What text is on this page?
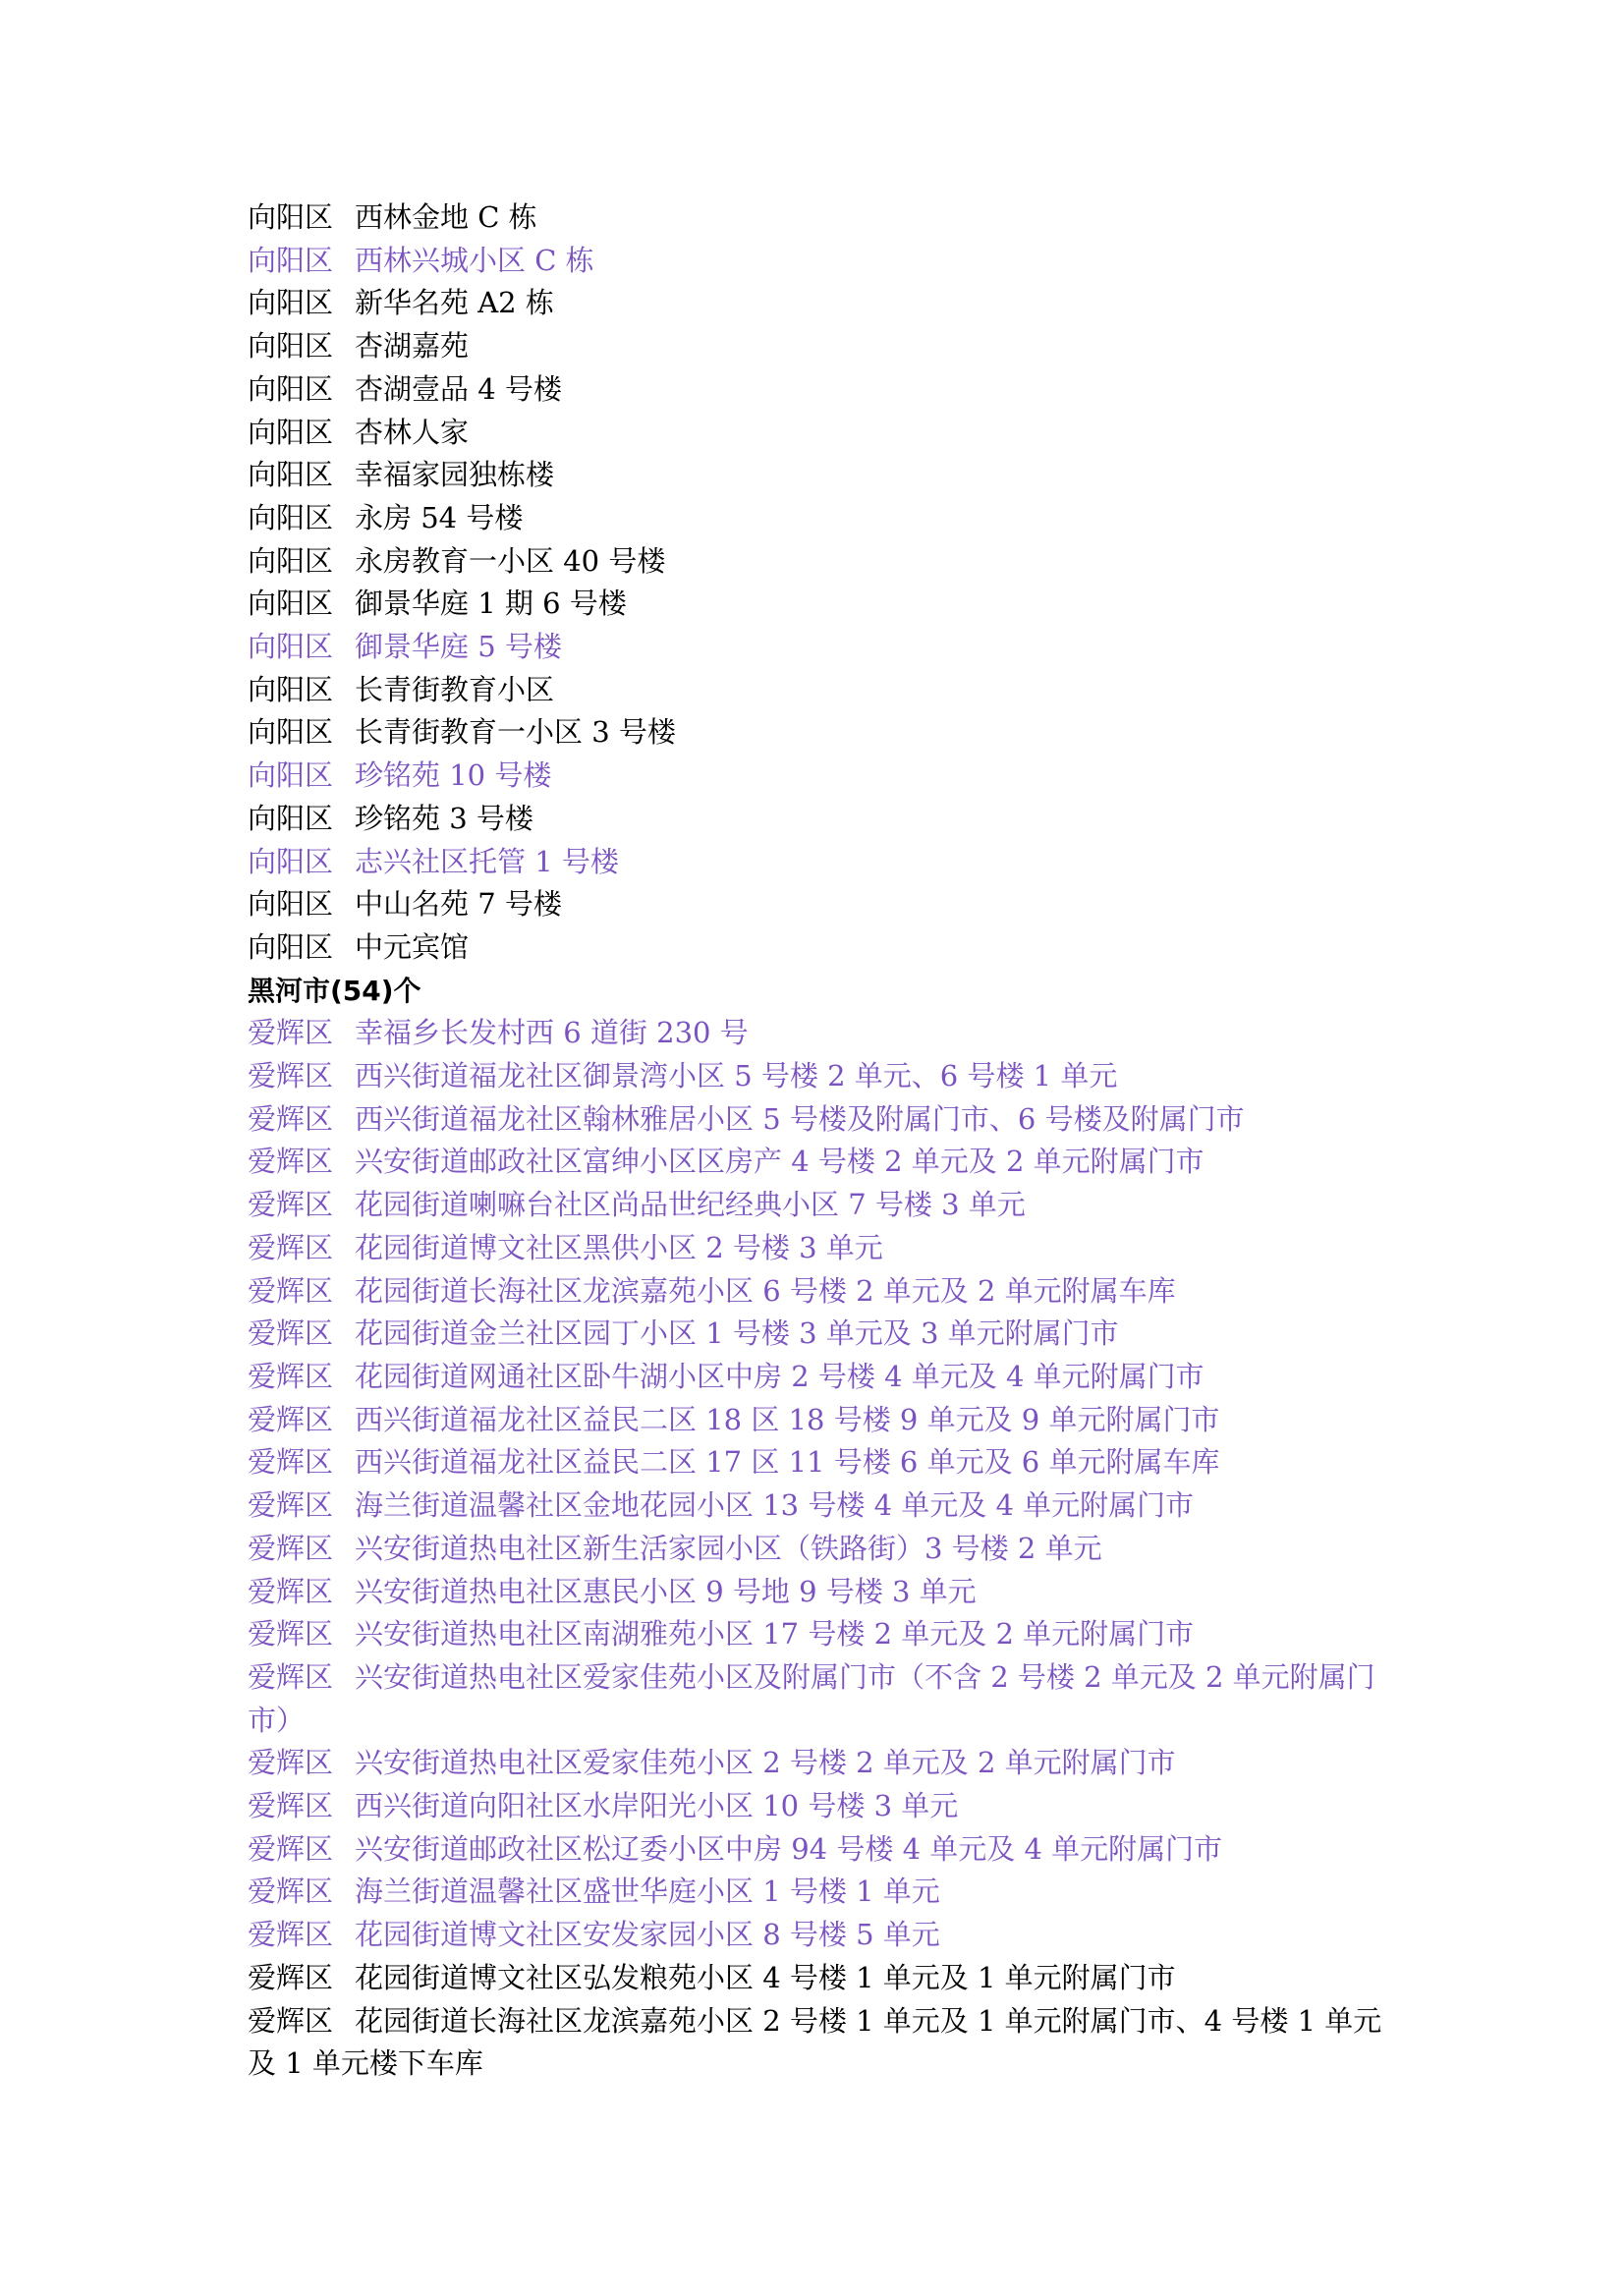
向阳区 西林金地 C 栋
向阳区 西林兴城小区 C 栋
向阳区 新华名苑 A2 栋
向阳区 杏湖嘉苑
向阳区 杏湖壹品 4 号楼
向阳区 杏林人家
向阳区 幸福家园独栋楼
向阳区 永房 54 号楼
向阳区 永房教育一小区 40 号楼
向阳区 御景华庭 1 期 6 号楼
向阳区 御景华庭 5 号楼
向阳区 长青街教育小区
向阳区 长青街教育一小区 3 号楼
向阳区 珍铭苑 10 号楼
向阳区 珍铭苑 3 号楼
向阳区 志兴社区托管 1 号楼
向阳区 中山名苑 7 号楼
向阳区 中元宾馆
黑河市(54)个
爱辉区 幸福乡长发村西 6 道街 230 号
爱辉区 西兴街道福龙社区御景湾小区 5 号楼 2 单元、6 号楼 1 单元
爱辉区 西兴街道福龙社区翰林雅居小区 5 号楼及附属门市、6 号楼及附属门市
爱辉区 兴安街道邮政社区富绅小区区房产 4 号楼 2 单元及 2 单元附属门市
爱辉区 花园街道喇嘛台社区尚品世纪经典小区 7 号楼 3 单元
爱辉区 花园街道博文社区黑供小区 2 号楼 3 单元
爱辉区 花园街道长海社区龙滨嘉苑小区 6 号楼 2 单元及 2 单元附属车库
爱辉区 花园街道金兰社区园丁小区 1 号楼 3 单元及 3 单元附属门市
爱辉区 花园街道网通社区卧牛湖小区中房 2 号楼 4 单元及 4 单元附属门市
爱辉区 西兴街道福龙社区益民二区 18 区 18 号楼 9 单元及 9 单元附属门市
爱辉区 西兴街道福龙社区益民二区 17 区 11 号楼 6 单元及 6 单元附属车库
爱辉区 海兰街道温馨社区金地花园小区 13 号楼 4 单元及 4 单元附属门市
爱辉区 兴安街道热电社区新生活家园小区（铁路街）3 号楼 2 单元
爱辉区 兴安街道热电社区惠民小区 9 号地 9 号楼 3 单元
爱辉区 兴安街道热电社区南湖雅苑小区 17 号楼 2 单元及 2 单元附属门市
爱辉区 兴安街道热电社区爱家佳苑小区及附属门市（不含 2 号楼 2 单元及 2 单元附属门市）
爱辉区 兴安街道热电社区爱家佳苑小区 2 号楼 2 单元及 2 单元附属门市
爱辉区 西兴街道向阳社区水岸阳光小区 10 号楼 3 单元
爱辉区 兴安街道邮政社区松辽委小区中房 94 号楼 4 单元及 4 单元附属门市
爱辉区 海兰街道温馨社区盛世华庭小区 1 号楼 1 单元
爱辉区 花园街道博文社区安发家园小区 8 号楼 5 单元
爱辉区 花园街道博文社区弘发粮苑小区 4 号楼 1 单元及 1 单元附属门市
爱辉区 花园街道长海社区龙滨嘉苑小区 2 号楼 1 单元及 1 单元附属门市、4 号楼 1 单元及 1 单元楼下车库
